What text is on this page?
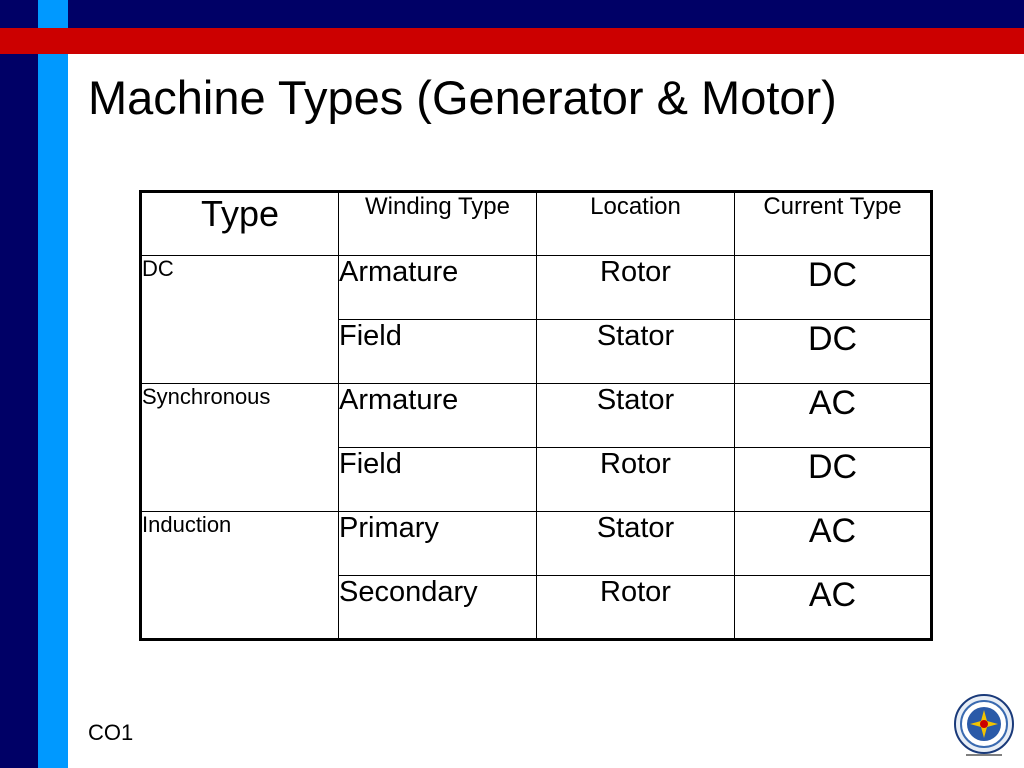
Machine Types (Generator & Motor)
Type	Winding Type	Location	Current Type
DC	Armature	Rotor	DC
	Field	Stator	DC
Synchronous	Armature	Stator	AC
	Field	Rotor	DC
Induction	Primary	Stator	AC
	Secondary	Rotor	AC
CO1
